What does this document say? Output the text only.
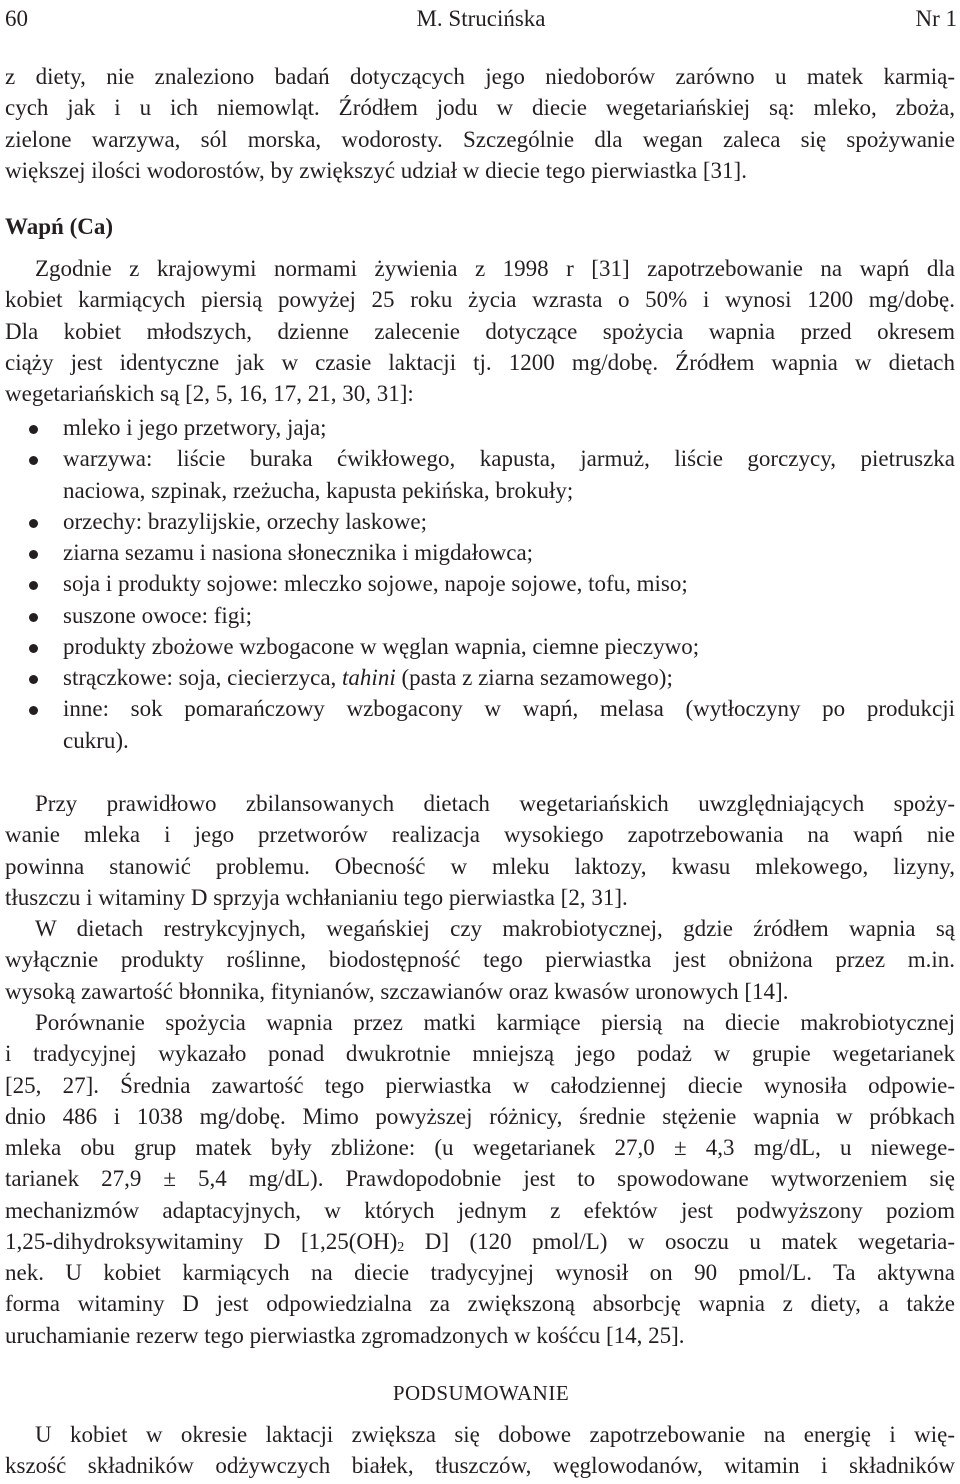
60	M. Strucińska	Nr 1
z diety, nie znaleziono badań dotyczących jego niedoborów zarówno u matek karmią-
cych jak i u ich niemowląt. Źródłem jodu w diecie wegetariańskiej są: mleko, zboża,
zielone warzywa, sól morska, wodorosty. Szczególnie dla wegan zaleca się spożywanie
większej ilości wodorostów, by zwiększyć udział w diecie tego pierwiastka [31].
Wapń (Ca)
Zgodnie z krajowymi normami żywienia z 1998 r [31] zapotrzebowanie na wapń dla
kobiet karmiących piersią powyżej 25 roku życia wzrasta o 50% i wynosi 1200 mg/dobę.
Dla kobiet młodszych, dzienne zalecenie dotyczące spożycia wapnia przed okresem
ciąży jest identyczne jak w czasie laktacji tj. 1200 mg/dobę. Źródłem wapnia w dietach
wegetariańskich są [2, 5, 16, 17, 21, 30, 31]:
mleko i jego przetwory, jaja;
warzywa: liście buraka ćwikłowego, kapusta, jarmuż, liście gorczycy, pietruszka
naciowa, szpinak, rzeżucha, kapusta pekińska, brokuły;
orzechy: brazylijskie, orzechy laskowe;
ziarna sezamu i nasiona słonecznika i migdałowca;
soja i produkty sojowe: mleczko sojowe, napoje sojowe, tofu, miso;
suszone owoce: figi;
produkty zbożowe wzbogacone w węglan wapnia, ciemne pieczywo;
strączkowe: soja, ciecierzyca, tahini (pasta z ziarna sezamowego);
inne: sok pomarańczowy wzbogacony w wapń, melasa (wytłoczyny po produkcji
cukru).
Przy prawidłowo zbilansowanych dietach wegetariańskich uwzględniających spoży-
wanie mleka i jego przetworów realizacja wysokiego zapotrzebowania na wapń nie
powinna stanowić problemu. Obecność w mleku laktozy, kwasu mlekowego, lizyny,
tłuszczu i witaminy D sprzyja wchłanianiu tego pierwiastka [2, 31].
W dietach restrykcyjnych, wegańskiej czy makrobiotycznej, gdzie źródłem wapnia są
wyłącznie produkty roślinne, biodostępność tego pierwiastka jest obniżona przez m.in.
wysoką zawartość błonnika, fitynianów, szczawianów oraz kwasów uronowych [14].
Porównanie spożycia wapnia przez matki karmiące piersią na diecie makrobiotycznej
i tradycyjnej wykazało ponad dwukrotnie mniejszą jego podaż w grupie wegetarianek
[25, 27]. Średnia zawartość tego pierwiastka w całodziennej diecie wynosiła odpowie-
dnio 486 i 1038 mg/dobę. Mimo powyższej różnicy, średnie stężenie wapnia w próbkach
mleka obu grup matek były zbliżone: (u wegetarianek 27,0 ± 4,3 mg/dL, u niewege-
tarianek 27,9 ± 5,4 mg/dL). Prawdopodobnie jest to spowodowane wytworzeniem się
mechanizmów adaptacyjnych, w których jednym z efektów jest podwyższony poziom
1,25-dihydroksywitaminy D [$1,25(OH)_2$ D] (120 pmol/L) w osoczu u matek wegetaria-
nek. U kobiet karmiących na diecie tradycyjnej wynosił on 90 pmol/L. Ta aktywna
forma witaminy D jest odpowiedzialna za zwiększoną absorbcję wapnia z diety, a także
uruchamianie rezerw tego pierwiastka zgromadzonych w kośćcu [14, 25].
PODSUMOWANIE
U kobiet w okresie laktacji zwiększa się dobowe zapotrzebowanie na energię i wię-
kszość składników odżywczych białek, tłuszczów, węglowodanów, witamin i składników
